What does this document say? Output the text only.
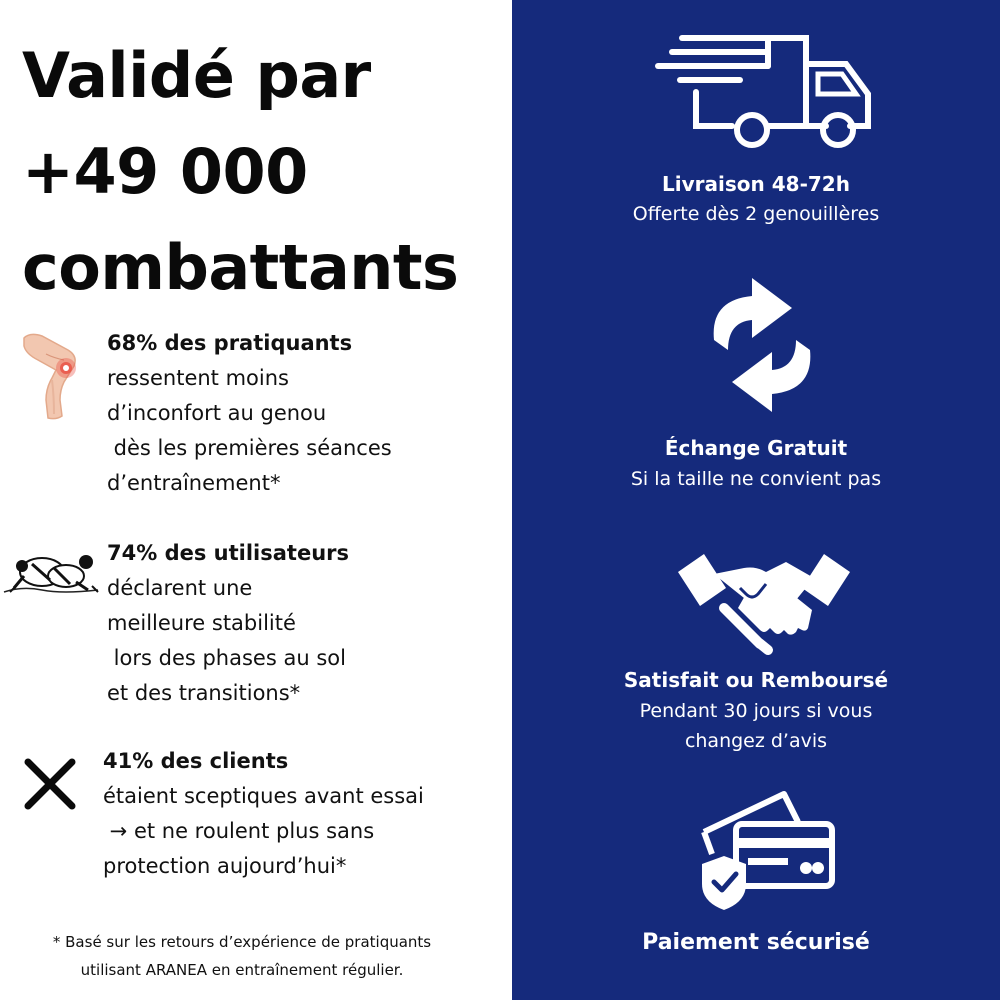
Validé par
+49 000
combattants
68% des pratiquants
ressentent moins
d’inconfort au genou
dès les premières séances
d’entraînement*
74% des utilisateurs
déclarent une
meilleure stabilité
lors des phases au sol
et des transitions*
41% des clients
étaient sceptiques avant essai
→ et ne roulent plus sans
protection aujourd’hui*
* Basé sur les retours d’expérience de pratiquants
utilisant ARANEA en entraînement régulier.
Livraison 48-72h
Offerte dès 2 genouillères
Échange Gratuit
Si la taille ne convient pas
Satisfait ou Remboursé
Pendant 30 jours si vous
changez d’avis
Paiement sécurisé
